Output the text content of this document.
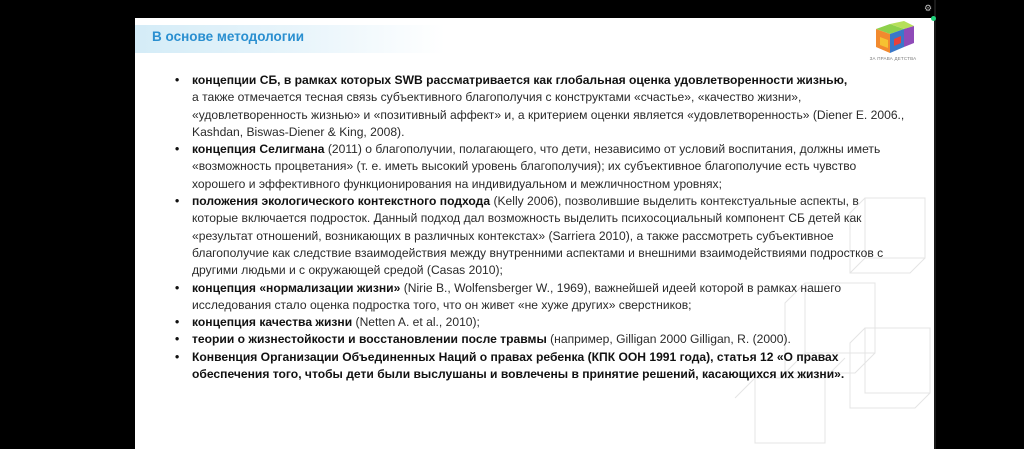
В основе методологии
ЗА ПРАВА ДЕТСТВА
• концепции СБ, в рамках которых SWB рассматривается как глобальная оценка удовлетворенности жизнью,
а также отмечается тесная связь субъективного благополучия с конструктами «счастье», «качество жизни», «удовлетворенность жизнью» и «позитивный аффект» и, а критерием оценки является «удовлетворенность» (Diener E. 2006., Kashdan, Biswas-Diener & King, 2008).
• концепция Селигмана (2011) о благополучии, полагающего, что дети, независимо от условий воспитания, должны иметь «возможность процветания» (т. е. иметь высокий уровень благополучия); их субъективное благополучие есть чувство хорошего и эффективного функционирования на индивидуальном и межличностном уровнях;
• положения экологического контекстного подхода (Kelly 2006), позволившие выделить контекстуальные аспекты, в которые включается подросток. Данный подход дал возможность выделить психосоциальный компонент СБ детей как «результат отношений, возникающих в различных контекстах» (Sarriera 2010), а также рассмотреть субъективное благополучие как следствие взаимодействия между внутренними аспектами и внешними взаимодействиями подростков с другими людьми и с окружающей средой (Casas 2010);
• концепция «нормализации жизни» (Nirie B., Wolfensberger W., 1969), важнейшей идеей которой в рамках нашего исследования стало оценка подростка того, что он живет «не хуже других» сверстников;
• концепция качества жизни (Netten A. et al., 2010);
• теории о жизнестойкости и восстановлении после травмы (например, Gilligan 2000 Gilligan, R. (2000).
• Конвенция Организации Объединенных Наций о правах ребенка (КПК ООН 1991 года), статья 12 «О правах обеспечения того, чтобы дети были выслушаны и вовлечены в принятие решений, касающихся их жизни».
⚙
